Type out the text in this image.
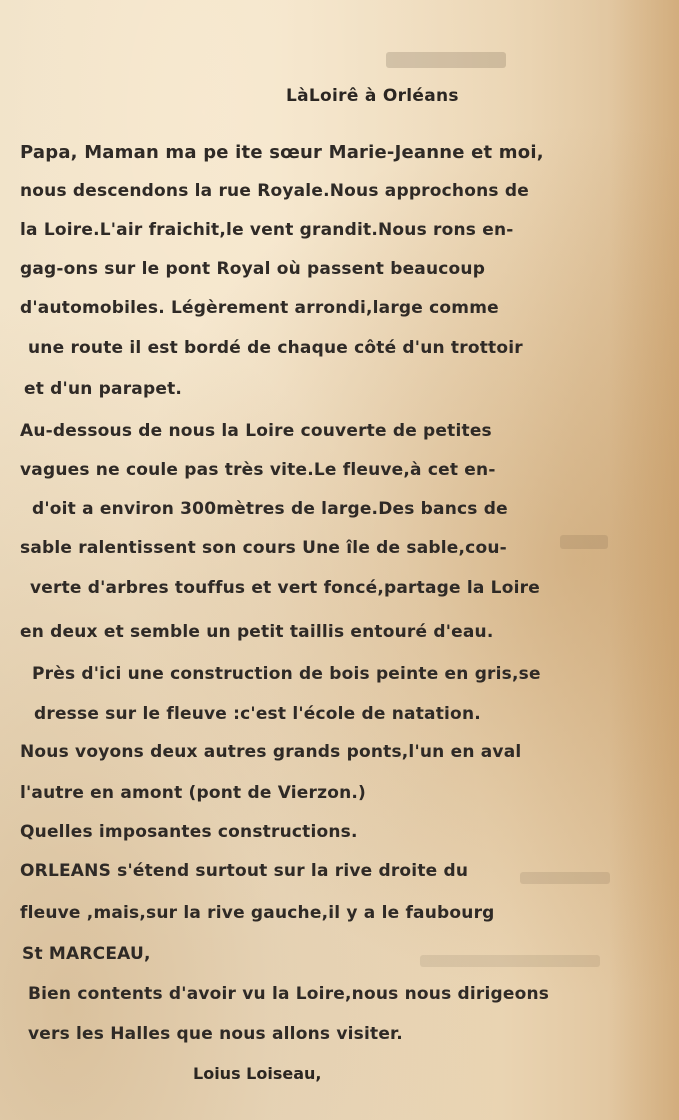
LàLoirê à Orléans
Papa, Maman ma pe ite sœur Marie-Jeanne et moi,
nous descendons la rue Royale.Nous approchons de
la Loire.L'air fraichit,le vent grandit.Nous rons en-
gag-ons sur le pont Royal où passent beaucoup
d'automobiles. Légèrement arrondi,large comme
une route il est bordé de chaque côté d'un trottoir
et d'un parapet.
Au-dessous de nous la Loire couverte de petites
vagues ne coule pas très vite.Le fleuve,à cet en-
d'oit a environ 300mètres de large.Des bancs de
sable ralentissent son cours Une île de sable,cou-
verte d'arbres touffus et vert foncé,partage la Loire
en deux et semble un petit taillis entouré d'eau.
Près d'ici une construction de bois peinte en gris,se
dresse sur le fleuve :c'est l'école de natation.
Nous voyons deux autres grands ponts,l'un en aval
l'autre en amont (pont de Vierzon.)
Quelles imposantes constructions.
ORLEANS s'étend surtout sur la rive droite du
fleuve ,mais,sur la rive gauche,il y a le faubourg
St MARCEAU,
Bien contents d'avoir vu la Loire,nous nous dirigeons
vers les Halles que nous allons visiter.
Loius Loiseau,
